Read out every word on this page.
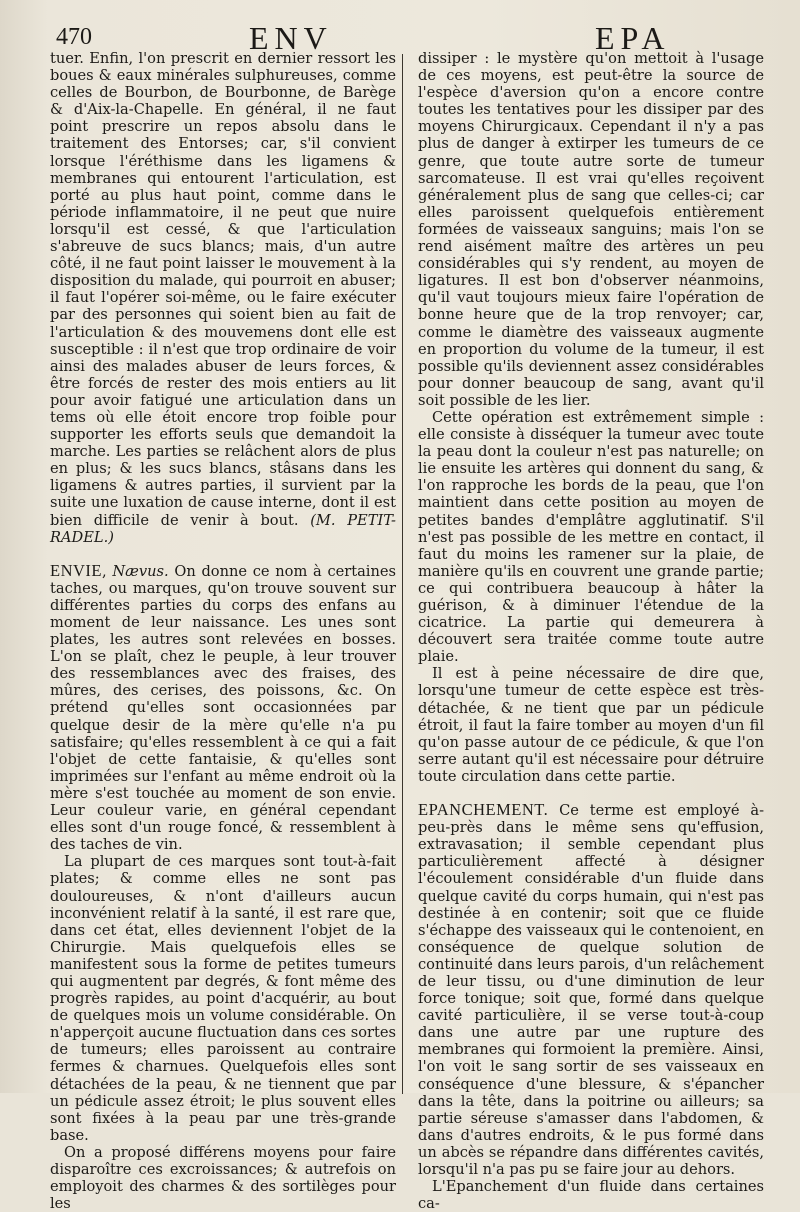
470	ENV	EPA

tuer. Enfin, l'on prescrit en dernier ressort les boues & eaux minérales sulphureuses, comme celles de Bourbon, de Bourbonne, de Barège & d'Aix-la-Chapelle. En général, il ne faut point prescrire un repos absolu dans le traitement des Entorses; car, s'il convient lorsque l'éréthisme dans les ligamens & membranes qui entourent l'articulation, est porté au plus haut point, comme dans le période inflammatoire, il ne peut que nuire lorsqu'il est cessé, & que l'articulation s'abreuve de sucs blancs; mais, d'un autre côté, il ne faut point laisser le mouvement à la disposition du malade, qui pourroit en abuser; il faut l'opérer soi-même, ou le faire exécuter par des personnes qui soient bien au fait de l'articulation & des mouvemens dont elle est susceptible : il n'est que trop ordinaire de voir ainsi des malades abuser de leurs forces, & être forcés de rester des mois entiers au lit pour avoir fatigué une articulation dans un tems où elle étoit encore trop foible pour supporter les efforts seuls que demandoit la marche. Les parties se relâchent alors de plus en plus; & les sucs blancs, stâsans dans les ligamens & autres parties, il survient par la suite une luxation de cause interne, dont il est bien difficile de venir à bout. (M. PETIT-RADEL.)

ENVIE, Nævus. On donne ce nom à certaines taches, ou marques, qu'on trouve souvent sur différentes parties du corps des enfans au moment de leur naissance. Les unes sont plates, les autres sont relevées en bosses. L'on se plaît, chez le peuple, à leur trouver des ressemblances avec des fraises, des mûres, des cerises, des poissons, &c. On prétend qu'elles sont occasionnées par quelque desir de la mère qu'elle n'a pu satisfaire; qu'elles ressemblent à ce qui a fait l'objet de cette fantaisie, & qu'elles sont imprimées sur l'enfant au même endroit où la mère s'est touchée au moment de son envie. Leur couleur varie, en général cependant elles sont d'un rouge foncé, & ressemblent à des taches de vin.

La plupart de ces marques sont tout-à-fait plates; & comme elles ne sont pas douloureuses, & n'ont d'ailleurs aucun inconvénient relatif à la santé, il est rare que, dans cet état, elles deviennent l'objet de la Chirurgie. Mais quelquefois elles se manifestent sous la forme de petites tumeurs qui augmentent par degrés, & font même des progrès rapides, au point d'acquérir, au bout de quelques mois un volume considérable. On n'apperçoit aucune fluctuation dans ces sortes de tumeurs; elles paroissent au contraire fermes & charnues. Quelquefois elles sont détachées de la peau, & ne tiennent que par un pédicule assez étroit; le plus souvent elles sont fixées à la peau par une très-grande base.

On a proposé différens moyens pour faire disparoître ces excroissances; & autrefois on employoit des charmes & des sortilèges pour les

dissiper : le mystère qu'on mettoit à l'usage de ces moyens, est peut-être la source de l'espèce d'aversion qu'on a encore contre toutes les tentatives pour les dissiper par des moyens Chirurgicaux. Cependant il n'y a pas plus de danger à extirper les tumeurs de ce genre, que toute autre sorte de tumeur sarcomateuse. Il est vrai qu'elles reçoivent généralement plus de sang que celles-ci; car elles paroissent quelquefois entièrement formées de vaisseaux sanguins; mais l'on se rend aisément maître des artères un peu considérables qui s'y rendent, au moyen de ligatures. Il est bon d'observer néanmoins, qu'il vaut toujours mieux faire l'opération de bonne heure que de la trop renvoyer; car, comme le diamètre des vaisseaux augmente en proportion du volume de la tumeur, il est possible qu'ils deviennent assez considérables pour donner beaucoup de sang, avant qu'il soit possible de les lier.

Cette opération est extrêmement simple : elle consiste à disséquer la tumeur avec toute la peau dont la couleur n'est pas naturelle; on lie ensuite les artères qui donnent du sang, & l'on rapproche les bords de la peau, que l'on maintient dans cette position au moyen de petites bandes d'emplâtre agglutinatif. S'il n'est pas possible de les mettre en contact, il faut du moins les ramener sur la plaie, de manière qu'ils en couvrent une grande partie; ce qui contribuera beaucoup à hâter la guérison, & à diminuer l'étendue de la cicatrice. La partie qui demeurera à découvert sera traitée comme toute autre plaie.

Il est à peine nécessaire de dire que, lorsqu'une tumeur de cette espèce est très-détachée, & ne tient que par un pédicule étroit, il faut la faire tomber au moyen d'un fil qu'on passe autour de ce pédicule, & que l'on serre autant qu'il est nécessaire pour détruire toute circulation dans cette partie.

EPANCHEMENT. Ce terme est employé à-peu-près dans le même sens qu'effusion, extravasation; il semble cependant plus particulièrement affecté à désigner l'écoulement considérable d'un fluide dans quelque cavité du corps humain, qui n'est pas destinée à en contenir; soit que ce fluide s'échappe des vaisseaux qui le contenoient, en conséquence de quelque solution de continuité dans leurs parois, d'un relâchement de leur tissu, ou d'une diminution de leur force tonique; soit que, formé dans quelque cavité particulière, il se verse tout-à-coup dans une autre par une rupture des membranes qui formoient la première. Ainsi, l'on voit le sang sortir de ses vaisseaux en conséquence d'une blessure, & s'épancher dans la tête, dans la poitrine ou ailleurs; sa partie séreuse s'amasser dans l'abdomen, & dans d'autres endroits, & le pus formé dans un abcès se répandre dans différentes cavités, lorsqu'il n'a pas pu se faire jour au dehors.

L'Epanchement d'un fluide dans certaines ca-
